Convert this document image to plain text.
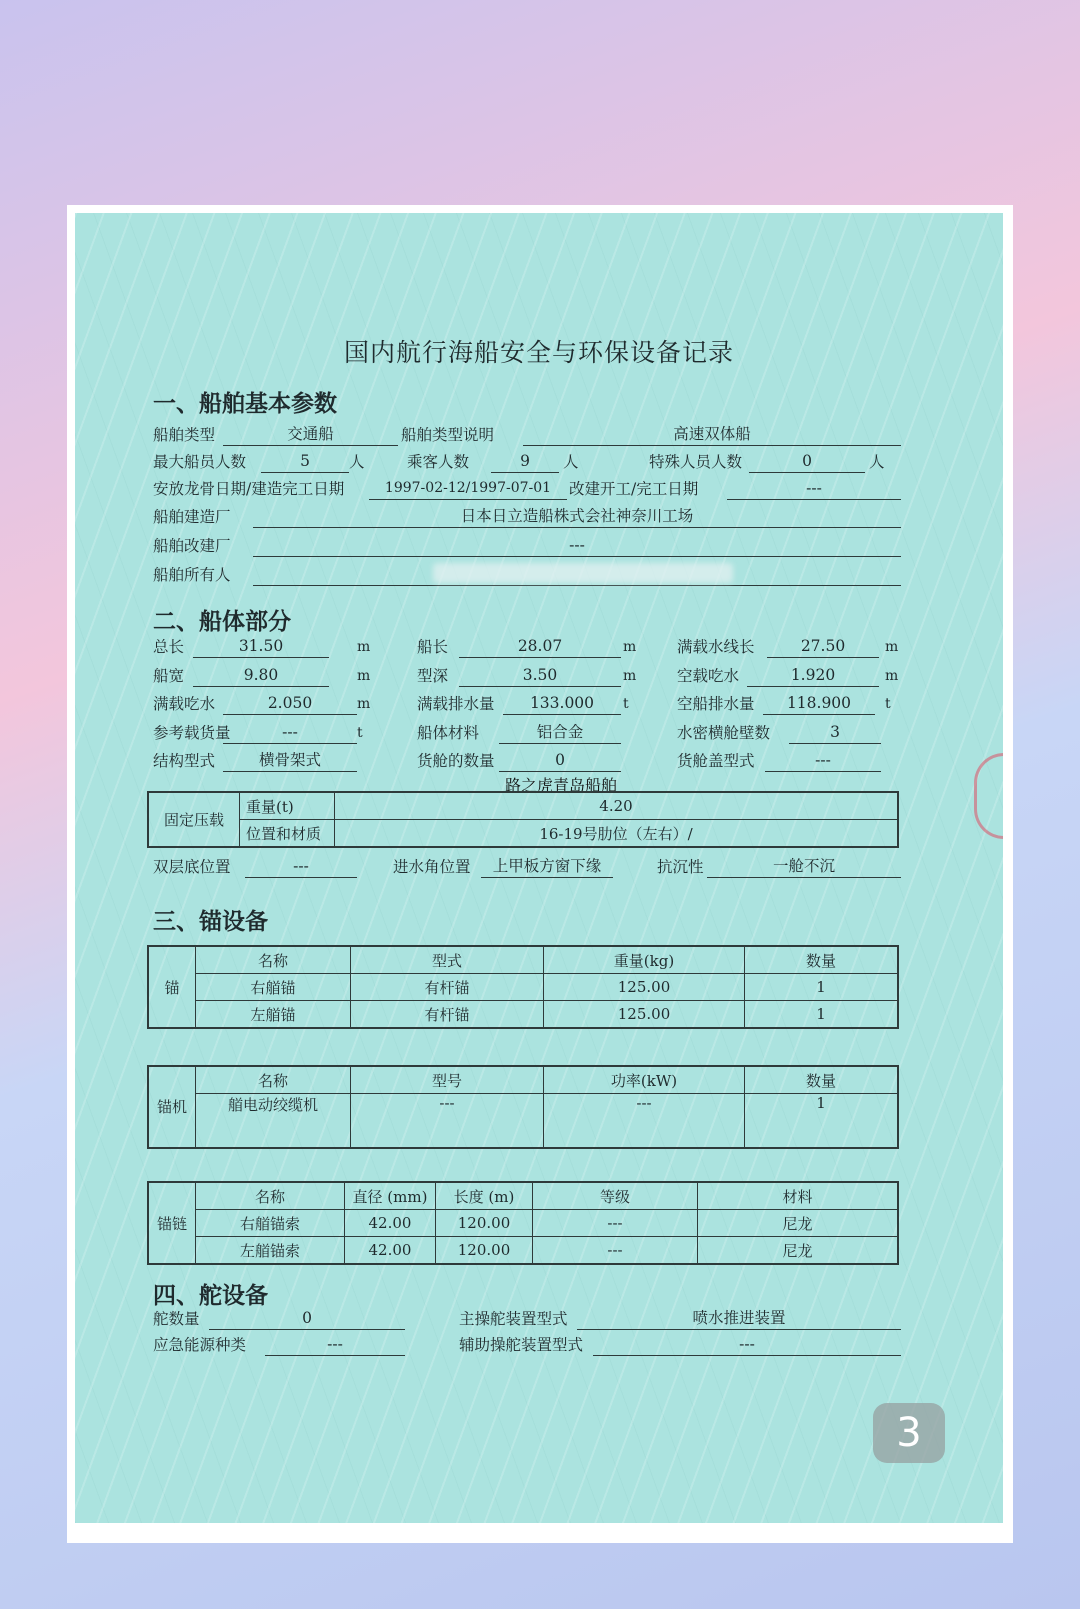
国内航行海船安全与环保设备记录
一、船舶基本参数
船舶类型	交通船	船舶类型说明	高速双体船
最大船员人数	5	人	乘客人数	9	人	特殊人员人数	0	人
安放龙骨日期/建造完工日期	1997-02-12/1997-07-01	改建开工/完工日期	---
船舶建造厂	日本日立造船株式会社神奈川工场
船舶改建厂	---
船舶所有人
二、船体部分
总长	31.50	m	船长	28.07	m	满载水线长	27.50	m
船宽	9.80	m	型深	3.50	m	空载吃水	1.920	m
满载吃水	2.050	m	满载排水量	133.000	t	空船排水量	118.900	t
参考载货量	---	t	船体材料	铝合金	水密横舱壁数	3
结构型式	横骨架式	货舱的数量	0	货舱盖型式	---
路之虎青岛船舶
固定压载	重量(t)	4.20
	位置和材质	16-19号肋位（左右）/
双层底位置	---	进水角位置	上甲板方窗下缘	抗沉性	一舱不沉
三、锚设备
锚	名称	型式	重量(kg)	数量
	右艏锚	有杆锚	125.00	1
	左艏锚	有杆锚	125.00	1
锚机	名称	型号	功率(kW)	数量
	艏电动绞缆机	---	---	1
锚链	名称	直径 (mm)	长度 (m)	等级	材料
	右艏锚索	42.00	120.00	---	尼龙
	左艏锚索	42.00	120.00	---	尼龙
四、舵设备
舵数量	0	主操舵装置型式	喷水推进装置
应急能源种类	---	辅助操舵装置型式	---
3
